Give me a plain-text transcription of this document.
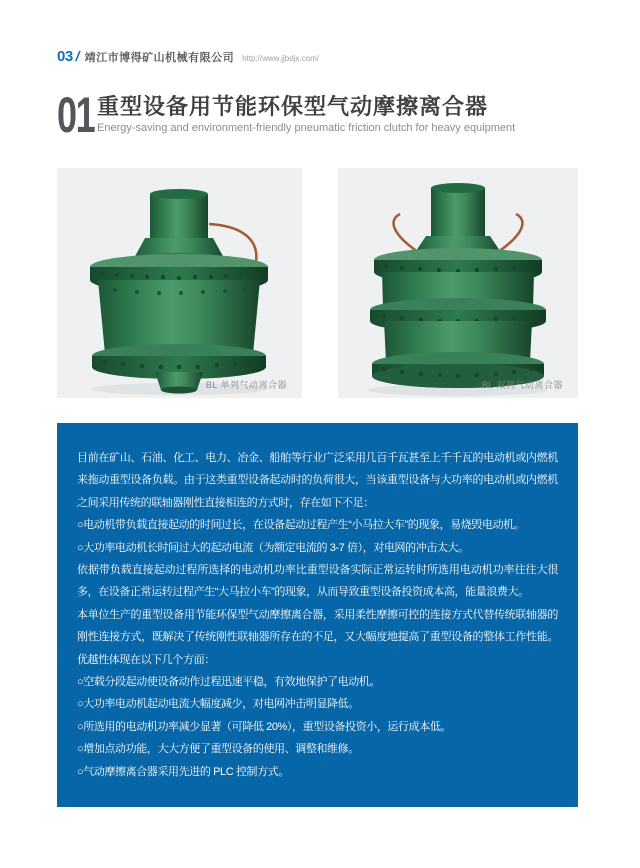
03 / 靖江市博得矿山机械有限公司 http://www.jjbdjx.com/
01 重型设备用节能环保型气动摩擦离合器
Energy-saving and environment-friendly pneumatic friction clutch for heavy equipment
BL 单列气动离合器	BL 双列气动离合器

目前在矿山、石油、化工、电力、冶金、船舶等行业广泛采用几百千瓦甚至上千千瓦的电动机或内燃机来拖动重型设备负载。由于这类重型设备起动时的负荷很大，当该重型设备与大功率的电动机或内燃机之间采用传统的联轴器刚性直接相连的方式时，存在如下不足：

○电动机带负载直接起动的时间过长，在设备起动过程产生“小马拉大车”的现象，易烧毁电动机。

○大功率电动机长时间过大的起动电流（为额定电流的 3-7 倍），对电网的冲击太大。

依据带负载直接起动过程所选择的电动机功率比重型设备实际正常运转时所选用电动机功率往往大很多，在设备正常运转过程产生“大马拉小车”的现象，从而导致重型设备投资成本高，能量浪费大。

本单位生产的重型设备用节能环保型气动摩擦离合器，采用柔性摩擦可控的连接方式代替传统联轴器的刚性连接方式，既解决了传统刚性联轴器所存在的不足，又大幅度地提高了重型设备的整体工作性能。优越性体现在以下几个方面：

○空载分段起动使设备动作过程迅速平稳，有效地保护了电动机。

○大功率电动机起动电流大幅度减少，对电网冲击明显降低。

○所选用的电动机功率减少显著（可降低 20%），重型设备投资小，运行成本低。

○增加点动功能，大大方便了重型设备的使用、调整和维修。

○气动摩擦离合器采用先进的 PLC 控制方式。
